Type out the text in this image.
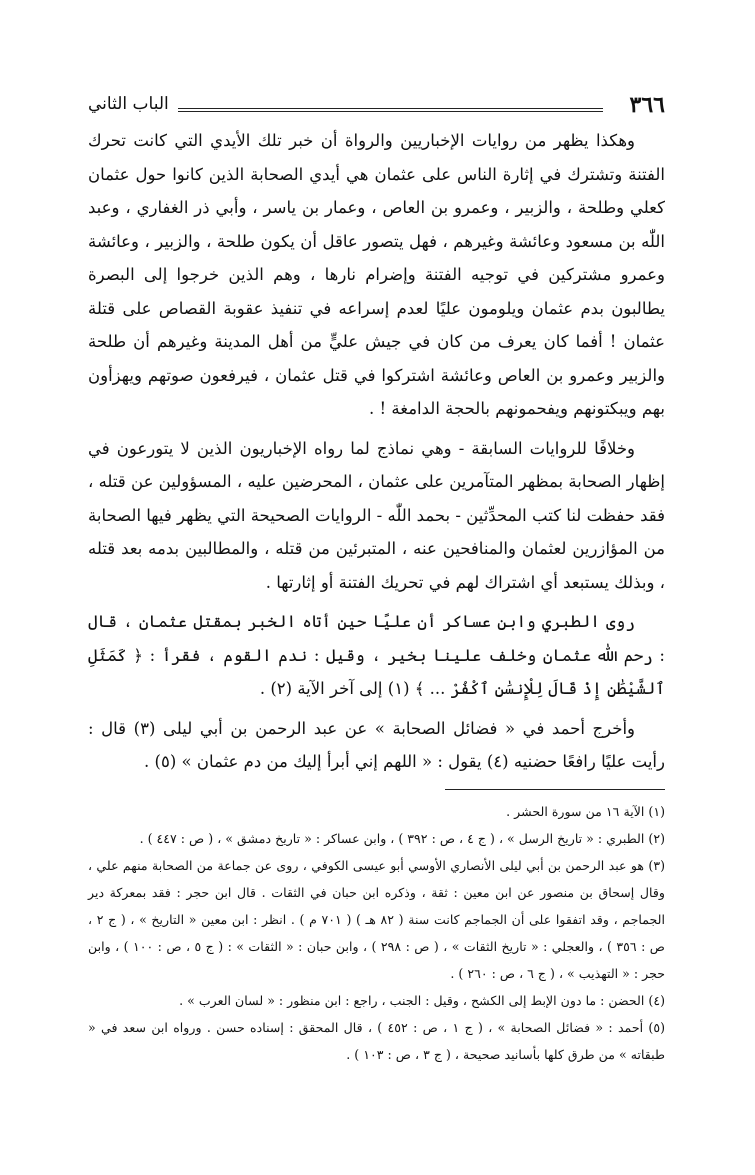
٣٦٦
الباب الثاني

وهكذا يظهر من روايات الإخباريين والرواة أن خبر تلك الأيدي التي كانت تحرك الفتنة وتشترك في إثارة الناس على عثمان هي أيدي الصحابة الذين كانوا حول عثمان كعلي وطلحة ، والزبير ، وعمرو بن العاص ، وعمار بن ياسر ، وأبي ذر الغفاري ، وعبد اللّٰه بن مسعود وعائشة وغيرهم ، فهل يتصور عاقل أن يكون طلحة ، والزبير ، وعائشة وعمرو مشتركين في توجيه الفتنة وإضرام نارها ، وهم الذين خرجوا إلى البصرة يطالبون بدم عثمان ويلومون عليًا لعدم إسراعه في تنفيذ عقوبة القصاص على قتلة عثمان ! أفما كان يعرف من كان في جيش عليٍّ من أهل المدينة وغيرهم أن طلحة والزبير وعمرو بن العاص وعائشة اشتركوا في قتل عثمان ، فيرفعون صوتهم ويهزأون بهم ويبكتونهم ويفحمونهم بالحجة الدامغة ! .

وخلافًا للروايات السابقة - وهي نماذج لما رواه الإخباريون الذين لا يتورعون في إظهار الصحابة بمظهر المتآمرين على عثمان ، المحرضين عليه ، المسؤولين عن قتله ، فقد حفظت لنا كتب المحدِّثين - بحمد اللّٰه - الروايات الصحيحة التي يظهر فيها الصحابة من المؤازرين لعثمان والمنافحين عنه ، المتبرئين من قتله ، والمطالبين بدمه بعد قتله ، وبذلك يستبعد أي اشتراك لهم في تحريك الفتنة أو إثارتها .

روى الطبري وابن عساكر أن عليًا حين أتاه الخبر بمقتل عثمان ، قال : رحم اللّٰه عثمان وخلف علينا بخير ، وقيل : ندم القوم ، فقرأ : ﴿ كَمَثَلِ ٱلشَّيْطَٰنِ إِذْ قَالَ لِلْإِنسَٰنِ ٱكْفُرْ ... ﴾ (١) إلى آخر الآية (٢) .

وأخرج أحمد في « فضائل الصحابة » عن عبد الرحمن بن أبي ليلى (٣) قال : رأيت عليًا رافعًا حضنيه (٤) يقول : « اللهم إني أبرأ إليك من دم عثمان » (٥) .

(١) الآية ١٦ من سورة الحشر .

(٢) الطبري : « تاريخ الرسل » ، ( ج ٤ ، ص : ٣٩٢ ) ، وابن عساكر : « تاريخ دمشق » ، ( ص : ٤٤٧ ) .

(٣) هو عبد الرحمن بن أبي ليلى الأنصاري الأوسي أبو عيسى الكوفي ، روى عن جماعة من الصحابة منهم علي ، وقال إسحاق بن منصور عن ابن معين : ثقة ، وذكره ابن حبان في الثقات . قال ابن حجر : فقد بمعركة دير الجماجم ، وقد اتفقوا على أن الجماجم كانت سنة ( ٨٢ هـ ) ( ٧٠١ م ) . انظر : ابن معين « التاريخ » ، ( ج ٢ ، ص : ٣٥٦ ) ، والعجلي : « تاريخ الثقات » ، ( ص : ٢٩٨ ) ، وابن حبان : « الثقات » : ( ج ٥ ، ص : ١٠٠ ) ، وابن حجر : « التهذيب » ، ( ج ٦ ، ص : ٢٦٠ ) .

(٤) الحضن : ما دون الإبط إلى الكشح ، وقيل : الجنب ، راجع : ابن منظور : « لسان العرب » .

(٥) أحمد : « فضائل الصحابة » ، ( ج ١ ، ص : ٤٥٢ ) ، قال المحقق : إسناده حسن . ورواه ابن سعد في « طبقاته » من طرق كلها بأسانيد صحيحة ، ( ج ٣ ، ص : ١٠٣ ) .
